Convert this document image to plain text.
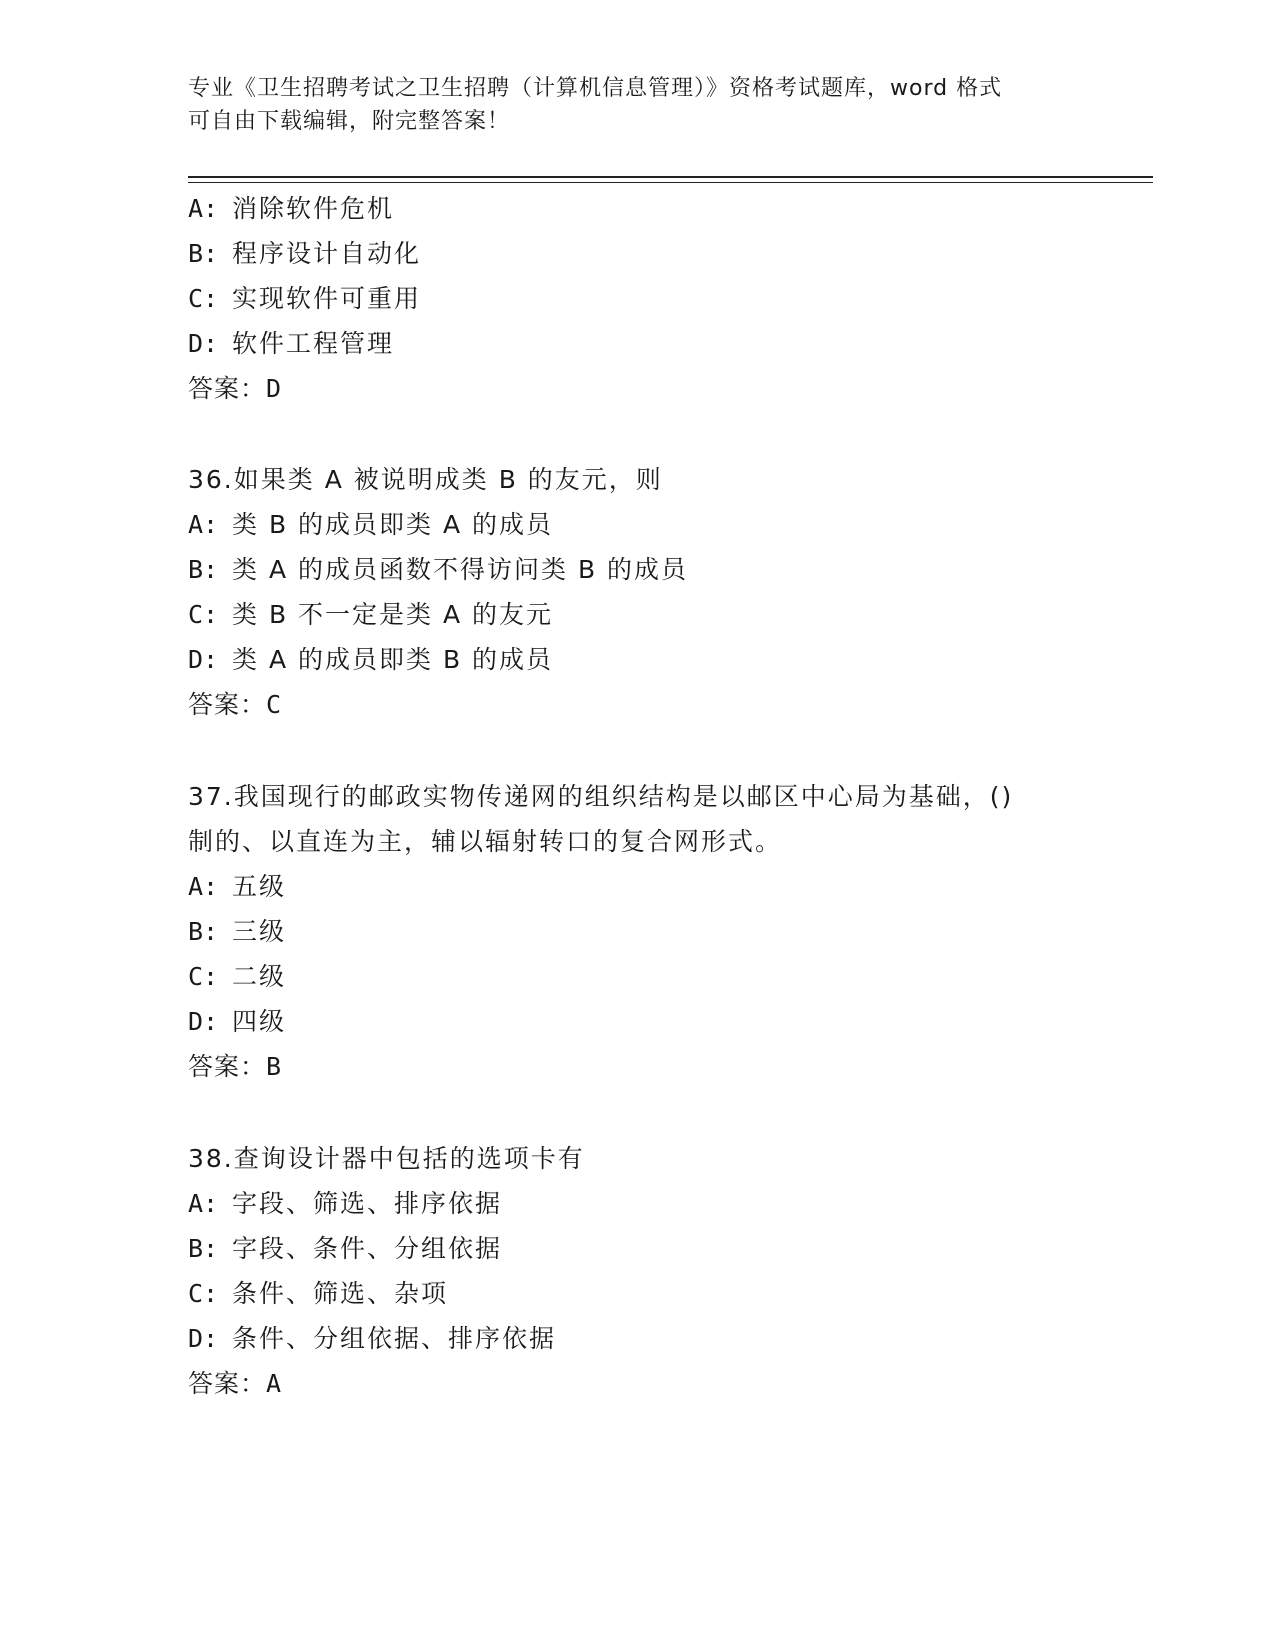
专业《卫生招聘考试之卫生招聘（计算机信息管理）》资格考试题库，word 格式
可自由下载编辑，附完整答案！
A: 消除软件危机
B: 程序设计自动化
C: 实现软件可重用
D: 软件工程管理
答案：D
36.如果类 A 被说明成类 B 的友元，则
A: 类 B 的成员即类 A 的成员
B: 类 A 的成员函数不得访问类 B 的成员
C: 类 B 不一定是类 A 的友元
D: 类 A 的成员即类 B 的成员
答案：C
37.我国现行的邮政实物传递网的组织结构是以邮区中心局为基础，()
制的、以直连为主，辅以辐射转口的复合网形式。
A: 五级
B: 三级
C: 二级
D: 四级
答案：B
38.查询设计器中包括的选项卡有
A: 字段、筛选、排序依据
B: 字段、条件、分组依据
C: 条件、筛选、杂项
D: 条件、分组依据、排序依据
答案：A
